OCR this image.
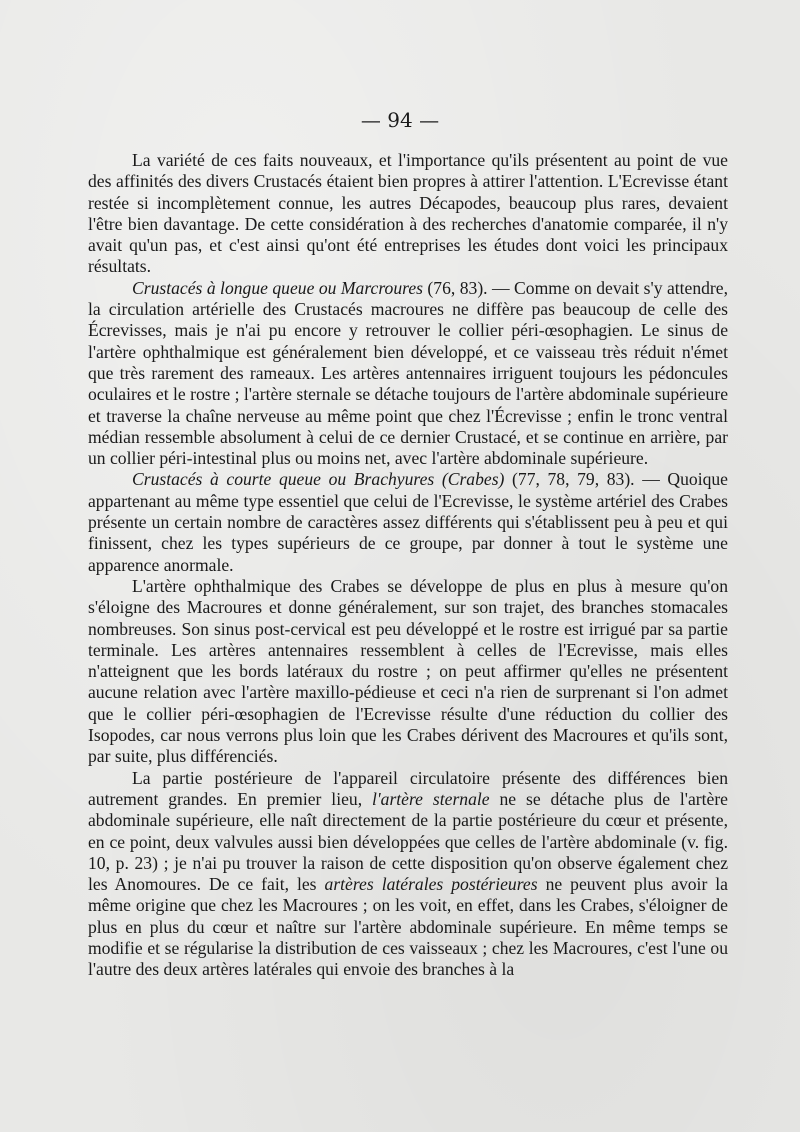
— 94 —

La variété de ces faits nouveaux, et l'importance qu'ils présentent au point de vue des affinités des divers Crustacés étaient bien propres à attirer l'attention. L'Ecrevisse étant restée si incomplètement connue, les autres Décapodes, beaucoup plus rares, devaient l'être bien davantage. De cette considération à des recherches d'anatomie comparée, il n'y avait qu'un pas, et c'est ainsi qu'ont été entreprises les études dont voici les principaux résultats.

Crustacés à longue queue ou Marcroures (76, 83). — Comme on devait s'y attendre, la circulation artérielle des Crustacés macroures ne diffère pas beaucoup de celle des Écrevisses, mais je n'ai pu encore y retrouver le collier péri-œsophagien. Le sinus de l'artère ophthalmique est généralement bien développé, et ce vaisseau très réduit n'émet que très rarement des rameaux. Les artères antennaires irriguent toujours les pédoncules oculaires et le rostre ; l'artère sternale se détache toujours de l'artère abdominale supérieure et traverse la chaîne nerveuse au même point que chez l'Écrevisse ; enfin le tronc ventral médian ressemble absolument à celui de ce dernier Crustacé, et se continue en arrière, par un collier péri-intestinal plus ou moins net, avec l'artère abdominale supérieure.

Crustacés à courte queue ou Brachyures (Crabes) (77, 78, 79, 83). — Quoique appartenant au même type essentiel que celui de l'Ecrevisse, le système artériel des Crabes présente un certain nombre de caractères assez différents qui s'établissent peu à peu et qui finissent, chez les types supérieurs de ce groupe, par donner à tout le système une apparence anormale.

L'artère ophthalmique des Crabes se développe de plus en plus à mesure qu'on s'éloigne des Macroures et donne généralement, sur son trajet, des branches stomacales nombreuses. Son sinus post-cervical est peu développé et le rostre est irrigué par sa partie terminale. Les artères antennaires ressemblent à celles de l'Ecrevisse, mais elles n'atteignent que les bords latéraux du rostre ; on peut affirmer qu'elles ne présentent aucune relation avec l'artère maxillo-pédieuse et ceci n'a rien de surprenant si l'on admet que le collier péri-œsophagien de l'Ecrevisse résulte d'une réduction du collier des Isopodes, car nous verrons plus loin que les Crabes dérivent des Macroures et qu'ils sont, par suite, plus différenciés.

La partie postérieure de l'appareil circulatoire présente des différences bien autrement grandes. En premier lieu, l'artère sternale ne se détache plus de l'artère abdominale supérieure, elle naît directement de la partie postérieure du cœur et présente, en ce point, deux valvules aussi bien développées que celles de l'artère abdominale (v. fig. 10, p. 23) ; je n'ai pu trouver la raison de cette disposition qu'on observe également chez les Anomoures. De ce fait, les artères latérales postérieures ne peuvent plus avoir la même origine que chez les Macroures ; on les voit, en effet, dans les Crabes, s'éloigner de plus en plus du cœur et naître sur l'artère abdominale supérieure. En même temps se modifie et se régularise la distribution de ces vaisseaux ; chez les Macroures, c'est l'une ou l'autre des deux artères latérales qui envoie des branches à la
